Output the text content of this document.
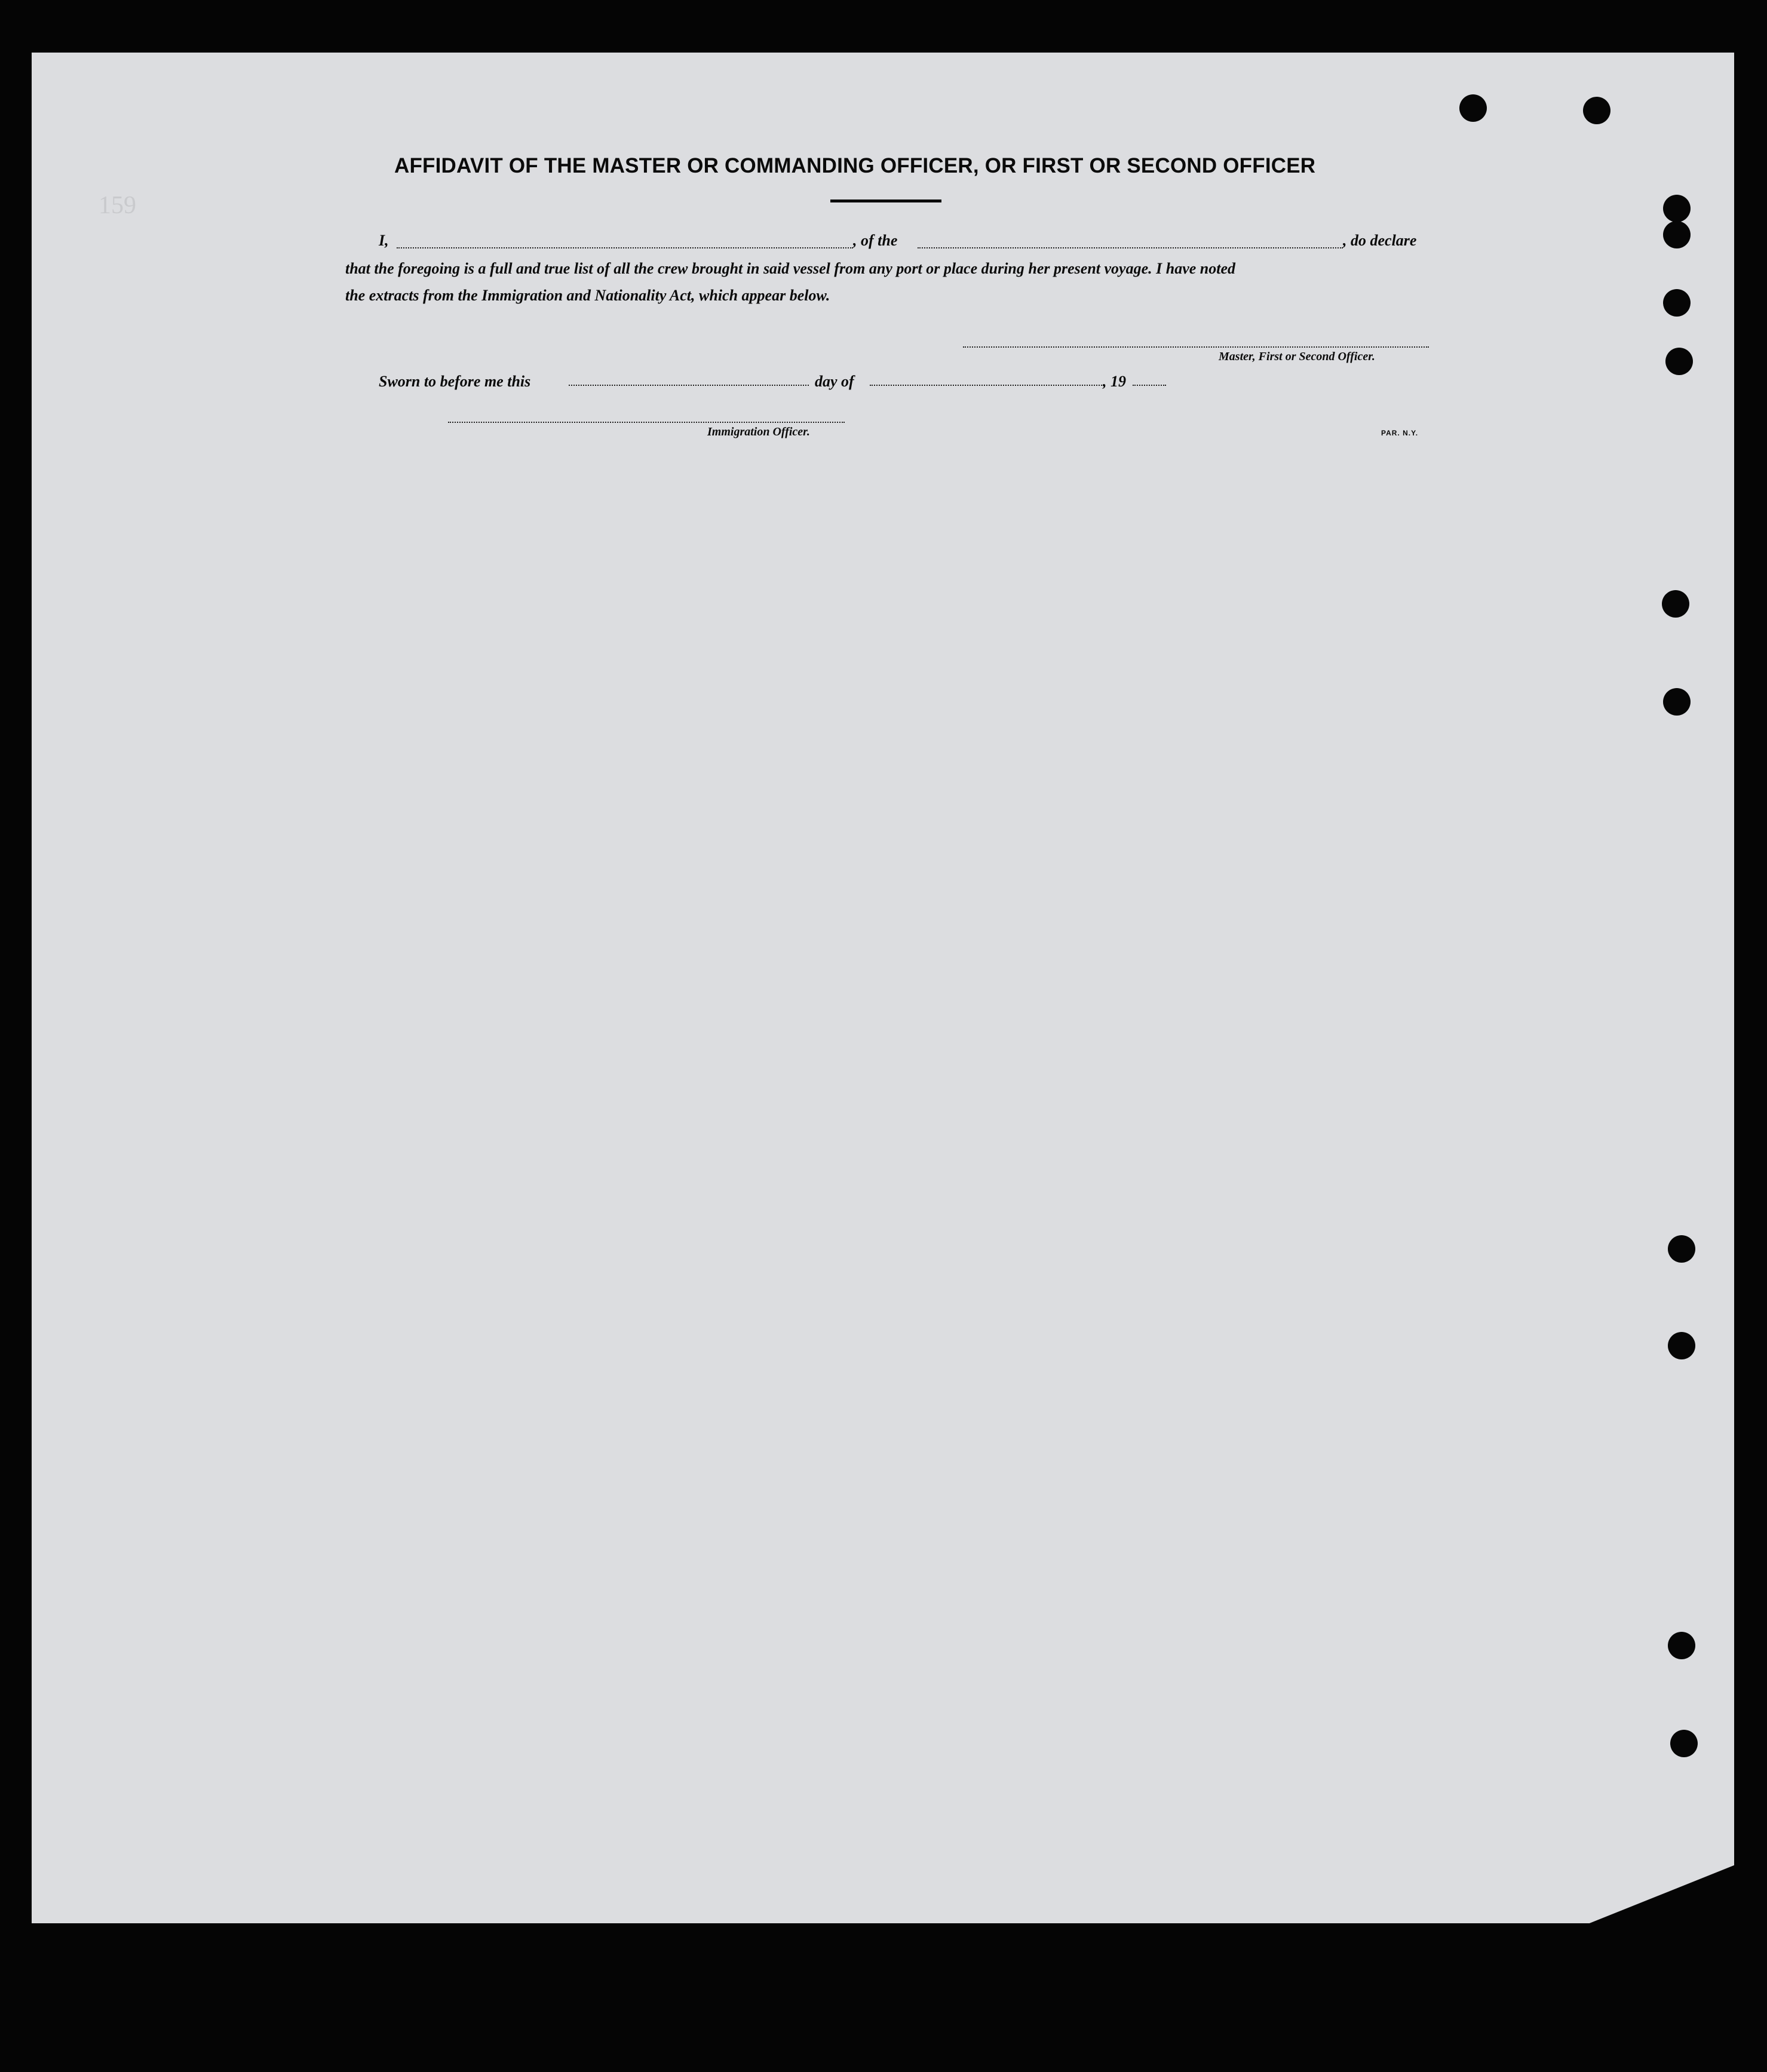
159
AFFIDAVIT OF THE MASTER OR COMMANDING OFFICER, OR FIRST OR SECOND OFFICER
I,	, of the	, do declare
that the foregoing is a full and true list of all the crew brought in said vessel from any port or place during her present voyage. I have noted
the extracts from the Immigration and Nationality Act, which appear below.
Master, First or Second Officer.
Sworn to before me this	day of	, 19
Immigration Officer.	PAR. N.Y.
